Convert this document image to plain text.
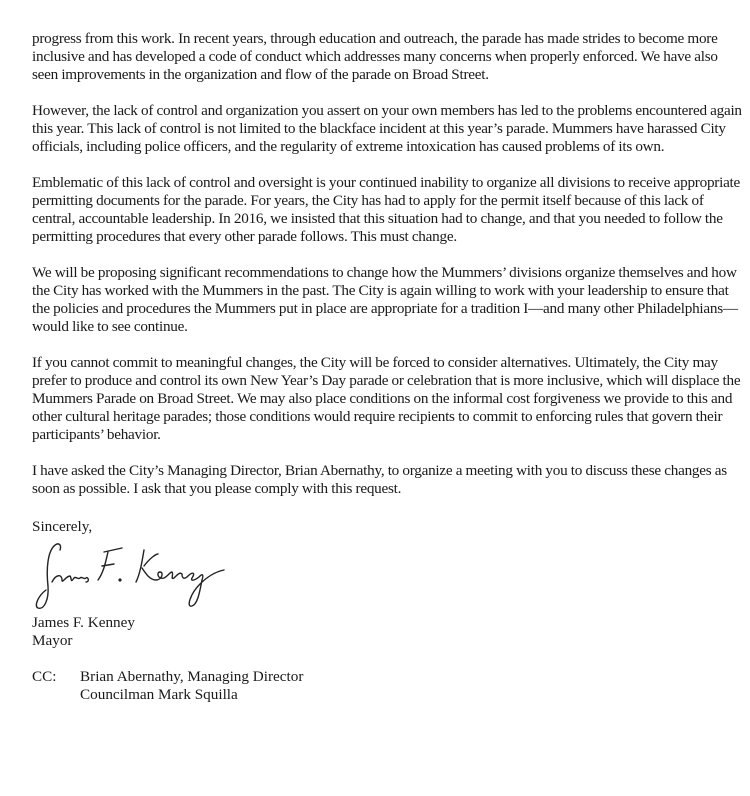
progress from this work. In recent years, through education and outreach, the parade has made strides to become more inclusive and has developed a code of conduct which addresses many concerns when properly enforced. We have also seen improvements in the organization and flow of the parade on Broad Street.

However, the lack of control and organization you assert on your own members has led to the problems encountered again this year. This lack of control is not limited to the blackface incident at this year’s parade. Mummers have harassed City officials, including police officers, and the regularity of extreme intoxication has caused problems of its own.

Emblematic of this lack of control and oversight is your continued inability to organize all divisions to receive appropriate permitting documents for the parade. For years, the City has had to apply for the permit itself because of this lack of central, accountable leadership. In 2016, we insisted that this situation had to change, and that you needed to follow the permitting procedures that every other parade follows. This must change.

We will be proposing significant recommendations to change how the Mummers’ divisions organize themselves and how the City has worked with the Mummers in the past. The City is again willing to work with your leadership to ensure that the policies and procedures the Mummers put in place are appropriate for a tradition I—and many other Philadelphians—would like to see continue.

If you cannot commit to meaningful changes, the City will be forced to consider alternatives. Ultimately, the City may prefer to produce and control its own New Year’s Day parade or celebration that is more inclusive, which will displace the Mummers Parade on Broad Street. We may also place conditions on the informal cost forgiveness we provide to this and other cultural heritage parades; those conditions would require recipients to commit to enforcing rules that govern their participants’ behavior.

I have asked the City’s Managing Director, Brian Abernathy, to organize a meeting with you to discuss these changes as soon as possible. I ask that you please comply with this request.

Sincerely,

James F. Kenney

Mayor

CC:	Brian Abernathy, Managing Director
Councilman Mark Squilla
